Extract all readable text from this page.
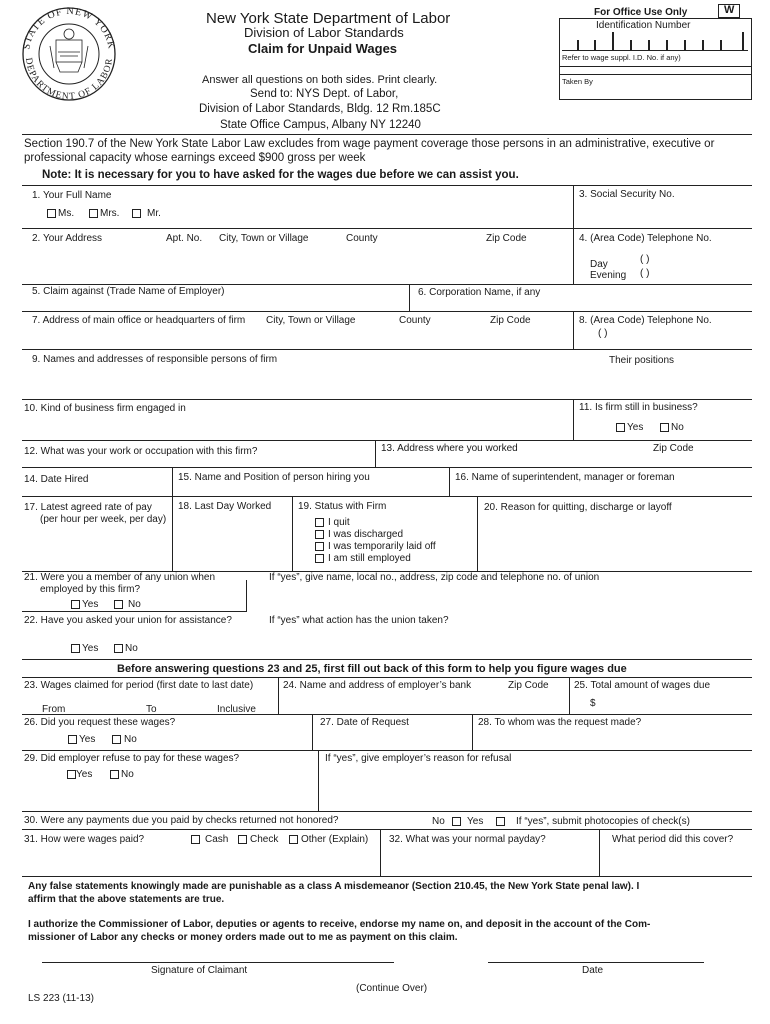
STATE OF NEW YORK
DEPARTMENT OF LABOR
New York State Department of Labor
Division of Labor Standards
Claim for Unpaid Wages
Answer all questions on both sides. Print clearly.
Send to: NYS Dept. of Labor,
Division of Labor Standards, Bldg. 12 Rm.185C
State Office Campus, Albany NY 12240
For Office Use Only	W
Identification Number
Refer to wage suppl. I.D. No. if any)
Taken By
Section 190.7 of the New York State Labor Law excludes from wage payment coverage those persons in an administrative, executive or
professional capacity whose earnings exceed $900 gross per week
Note: It is necessary for you to have asked for the wages due before we can assist you.
1. Your Full Name
Ms.	Mrs.	Mr.
3. Social Security No.
2. Your Address	Apt. No. City, Town or Village	County	Zip Code	4. (Area Code) Telephone No.
Day	( )
Evening ( )
5. Claim against (Trade Name of Employer)	6. Corporation Name, if any
7. Address of main office or headquarters of firm City, Town or Village	County	Zip Code	8. (Area Code) Telephone No.
( )
9. Names and addresses of responsible persons of firm	Their positions
10. Kind of business firm engaged in	11. Is firm still in business?
Yes	No
12. What was your work or occupation with this firm?	13. Address where you worked	Zip Code
14. Date Hired	15. Name and Position of person hiring you	16. Name of superintendent, manager or foreman
17. Latest agreed rate of pay
(per hour per week, per day)
18. Last Day Worked	19. Status with Firm
I quit
I was discharged
I was temporarily laid off
I am still employed
20. Reason for quitting, discharge or layoff
21. Were you a member of any union when
employed by this firm?
If “yes”, give name, local no., address, zip code and telephone no. of union
Yes	No
22. Have you asked your union for assistance?	If “yes” what action has the union taken?
Yes	No
Before answering questions 23 and 25, first fill out back of this form to help you figure wages due
23. Wages claimed for period (first date to last date)
From	To	Inclusive
24. Name and address of employer’s bank	Zip Code	25. Total amount of wages due
$
26. Did you request these wages?
Yes	No
27. Date of Request	28. To whom was the request made?
29. Did employer refuse to pay for these wages?
Yes	No
If “yes”, give employer’s reason for refusal
30. Were any payments due you paid by checks returned not honored?	No Yes	If “yes”, submit photocopies of check(s)
31. How were wages paid?	Cash Check Other (Explain) 32. What was your normal payday?	What period did this cover?
Any false statements knowingly made are punishable as a class A misdemeanor (Section 210.45, the New York State penal law). I
affirm that the above statements are true.
I authorize the Commissioner of Labor, deputies or agents to receive, endorse my name on, and deposit in the account of the Com-
missioner of Labor any checks or money orders made out to me as payment on this claim.
Signature of Claimant	Date
(Continue Over)
LS 223 (11-13)
